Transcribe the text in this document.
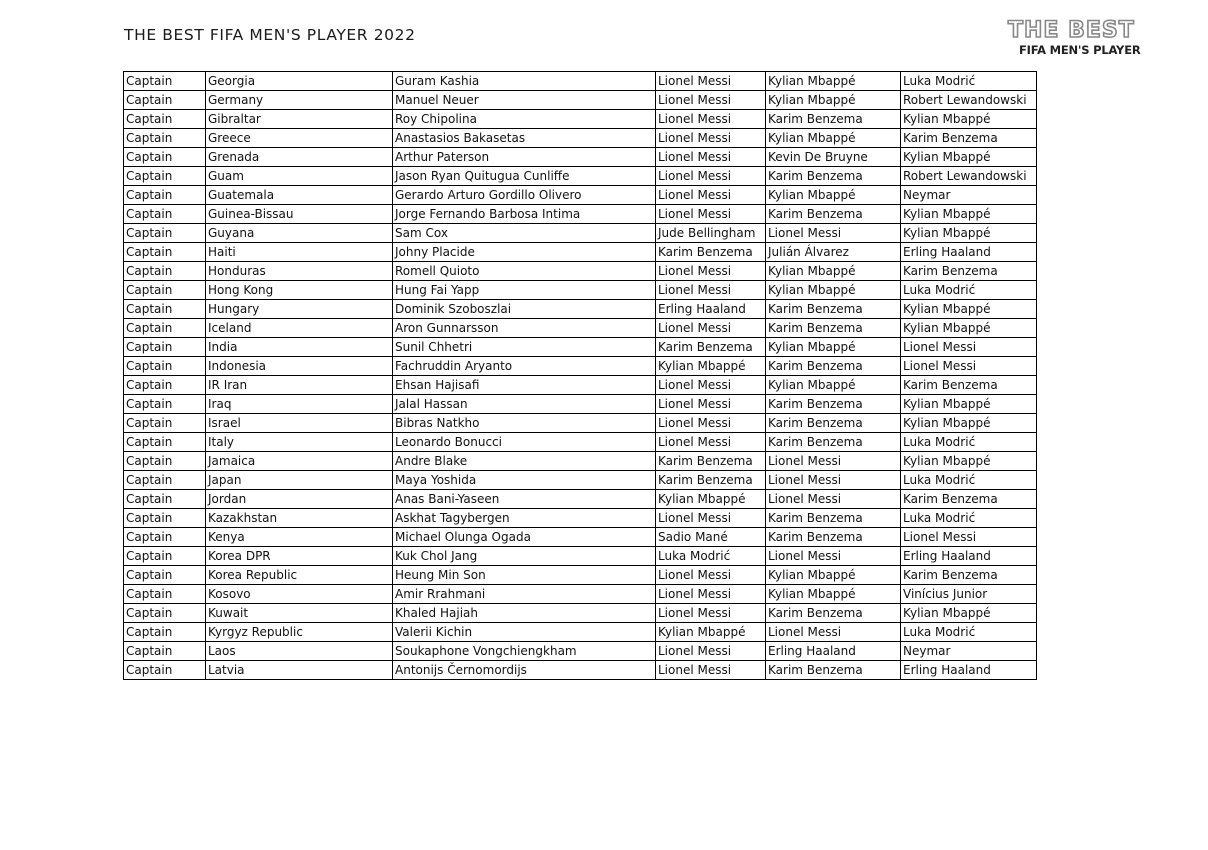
THE BEST FIFA MEN'S PLAYER 2022	THE BEST
FIFA MEN'S PLAYER
Captain	Georgia	Guram Kashia	Lionel Messi	Kylian Mbappé	Luka Modrić
Captain	Germany	Manuel Neuer	Lionel Messi	Kylian Mbappé	Robert Lewandowski
Captain	Gibraltar	Roy Chipolina	Lionel Messi	Karim Benzema	Kylian Mbappé
Captain	Greece	Anastasios Bakasetas	Lionel Messi	Kylian Mbappé	Karim Benzema
Captain	Grenada	Arthur Paterson	Lionel Messi	Kevin De Bruyne	Kylian Mbappé
Captain	Guam	Jason Ryan Quitugua Cunliffe	Lionel Messi	Karim Benzema	Robert Lewandowski
Captain	Guatemala	Gerardo Arturo Gordillo Olivero	Lionel Messi	Kylian Mbappé	Neymar
Captain	Guinea-Bissau	Jorge Fernando Barbosa Intima	Lionel Messi	Karim Benzema	Kylian Mbappé
Captain	Guyana	Sam Cox	Jude Bellingham	Lionel Messi	Kylian Mbappé
Captain	Haiti	Johny Placide	Karim Benzema	Julián Álvarez	Erling Haaland
Captain	Honduras	Romell Quioto	Lionel Messi	Kylian Mbappé	Karim Benzema
Captain	Hong Kong	Hung Fai Yapp	Lionel Messi	Kylian Mbappé	Luka Modrić
Captain	Hungary	Dominik Szoboszlai	Erling Haaland	Karim Benzema	Kylian Mbappé
Captain	Iceland	Aron Gunnarsson	Lionel Messi	Karim Benzema	Kylian Mbappé
Captain	India	Sunil Chhetri	Karim Benzema	Kylian Mbappé	Lionel Messi
Captain	Indonesia	Fachruddin Aryanto	Kylian Mbappé	Karim Benzema	Lionel Messi
Captain	IR Iran	Ehsan Hajisafi	Lionel Messi	Kylian Mbappé	Karim Benzema
Captain	Iraq	Jalal Hassan	Lionel Messi	Karim Benzema	Kylian Mbappé
Captain	Israel	Bibras Natkho	Lionel Messi	Karim Benzema	Kylian Mbappé
Captain	Italy	Leonardo Bonucci	Lionel Messi	Karim Benzema	Luka Modrić
Captain	Jamaica	Andre Blake	Karim Benzema	Lionel Messi	Kylian Mbappé
Captain	Japan	Maya Yoshida	Karim Benzema	Lionel Messi	Luka Modrić
Captain	Jordan	Anas Bani-Yaseen	Kylian Mbappé	Lionel Messi	Karim Benzema
Captain	Kazakhstan	Askhat Tagybergen	Lionel Messi	Karim Benzema	Luka Modrić
Captain	Kenya	Michael Olunga Ogada	Sadio Mané	Karim Benzema	Lionel Messi
Captain	Korea DPR	Kuk Chol Jang	Luka Modrić	Lionel Messi	Erling Haaland
Captain	Korea Republic	Heung Min Son	Lionel Messi	Kylian Mbappé	Karim Benzema
Captain	Kosovo	Amir Rrahmani	Lionel Messi	Kylian Mbappé	Vinícius Junior
Captain	Kuwait	Khaled Hajiah	Lionel Messi	Karim Benzema	Kylian Mbappé
Captain	Kyrgyz Republic	Valerii Kichin	Kylian Mbappé	Lionel Messi	Luka Modrić
Captain	Laos	Soukaphone Vongchiengkham	Lionel Messi	Erling Haaland	Neymar
Captain	Latvia	Antonijs Černomordijs	Lionel Messi	Karim Benzema	Erling Haaland
